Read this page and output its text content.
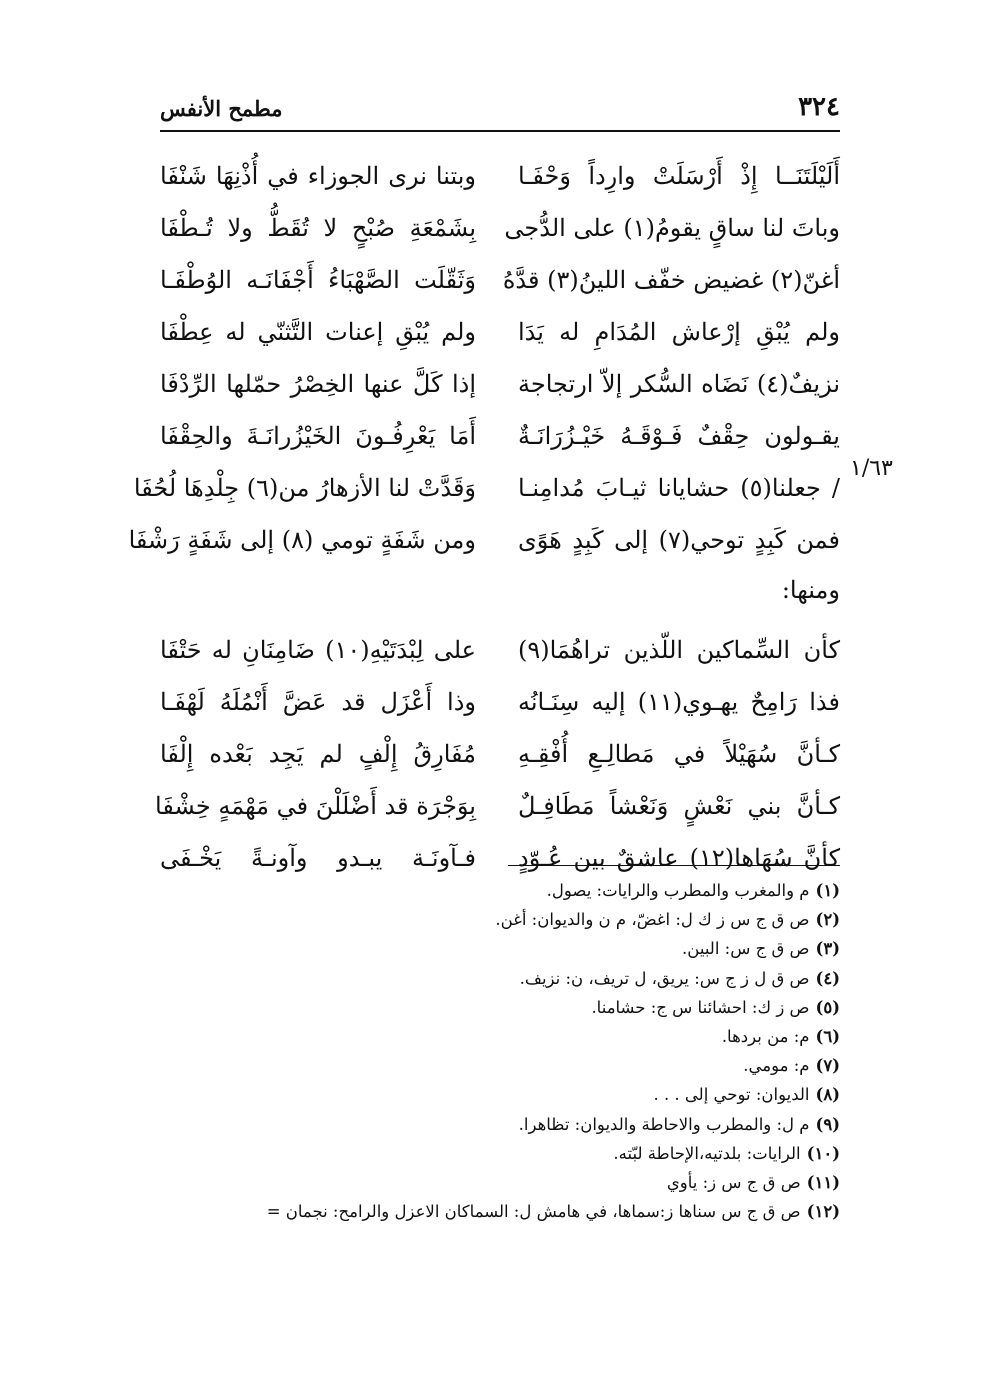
٣٢٤
مطمح الأنفس
أَلَيْلَتَنَــا إِذْ أَرْسَلَتْ وارِداً وَحْفَـا
وبتنا نرى الجوزاء في أُذْنِهَا شَنْفَا
وباتَ لنا ساقٍ يقومُ(١) على الدُّجى
بِشَمْعَةِ صُبْحٍ لا تُقَطُّ ولا تُـطْفَا
أغنّ(٢) غضيض خفّف اللينُ(٣) قدَّهُ
وَثَقّلَت الصَّهْبَاءُ أَجْفَانَـه الوُطْفَـا
ولم يُبْقِ إرْعاش المُدَامِ له يَدَا
ولم يُبْقِ إعنات التَّثنّي له عِطْفَا
نزيفٌ(٤) نَضَاه السُّكر إلاّ ارتجاجة
إذا كَلَّ عنها الخِصْرُ حمّلها الرِّدْفَا
يقـولون حِقْفٌ فَـوْقَـهُ خَيْـزُرَانَـةٌ
أَمَا يَعْرِفُـونَ الخَيْزُرانَـةَ والحِقْفَا
/ جعلنا(٥) حشايانا ثيـابَ مُدامِنـا
وَقَدَّتْ لنا الأزهارُ من(٦) جِلْدِهَا لُحُفَا
فمن كَبِدٍ توحي(٧) إلى كَبِدٍ هَوًى
ومن شَفَةٍ تومي (٨) إلى شَفَةٍ رَشْفَا
١/٦٣
ومنها:
كأن السِّماكين اللّذين تراهُمَا(٩)
على لِبْدَتَيْهِ(١٠) ضَامِنَانِ له حَتْفَا
فذا رَامِحٌ يهـوي(١١) إليه سِنَـانُه
وذا أَعْزَل قد عَضَّ أَنْمُلَهُ لَهْفَـا
كـأنَّ سُهَيْلاً في مَطالِـعِ أُفْقِـهِ
مُفَارِقُ إِلْفٍ لم يَجِد بَعْده إِلْفَا
كـأنَّ بني نَعْشٍ وَنَعْشاً مَطَافِـلٌ
بِوَجْرَة قد أَضْلَلْنَ في مَهْمَهٍ خِشْفَا
كأنَّ سُهَاها(١٢) عاشقٌ بين عُـوّدٍ
فـآونَـة يبـدو وآونـةً يَخْـفَى
(١)م والمغرب والمطرب والرايات: يصول.
(٢)ص ق ج س ز ك ل: اغضّ، م ن والديوان: أغن.
(٣)ص ق ج س: البين.
(٤)ص ق ل ز ج س: يريق، ل تريف، ن: نزيف.
(٥)ص ز ك: احشائنا س ج: حشامنا.
(٦)م: من بردها.
(٧)م: مومي.
(٨)الديوان: توحي إلى . . .
(٩)م ل: والمطرب والاحاطة والديوان: تظاهرا.
(١٠)الرايات: بلدتيه،الإحاطة لبّته.
(١١)ص ق ج س ز: يأوي
(١٢)ص ق ج س سناها ز:سماها، في هامش ل: السماكان الاعزل والرامح: نجمان =
